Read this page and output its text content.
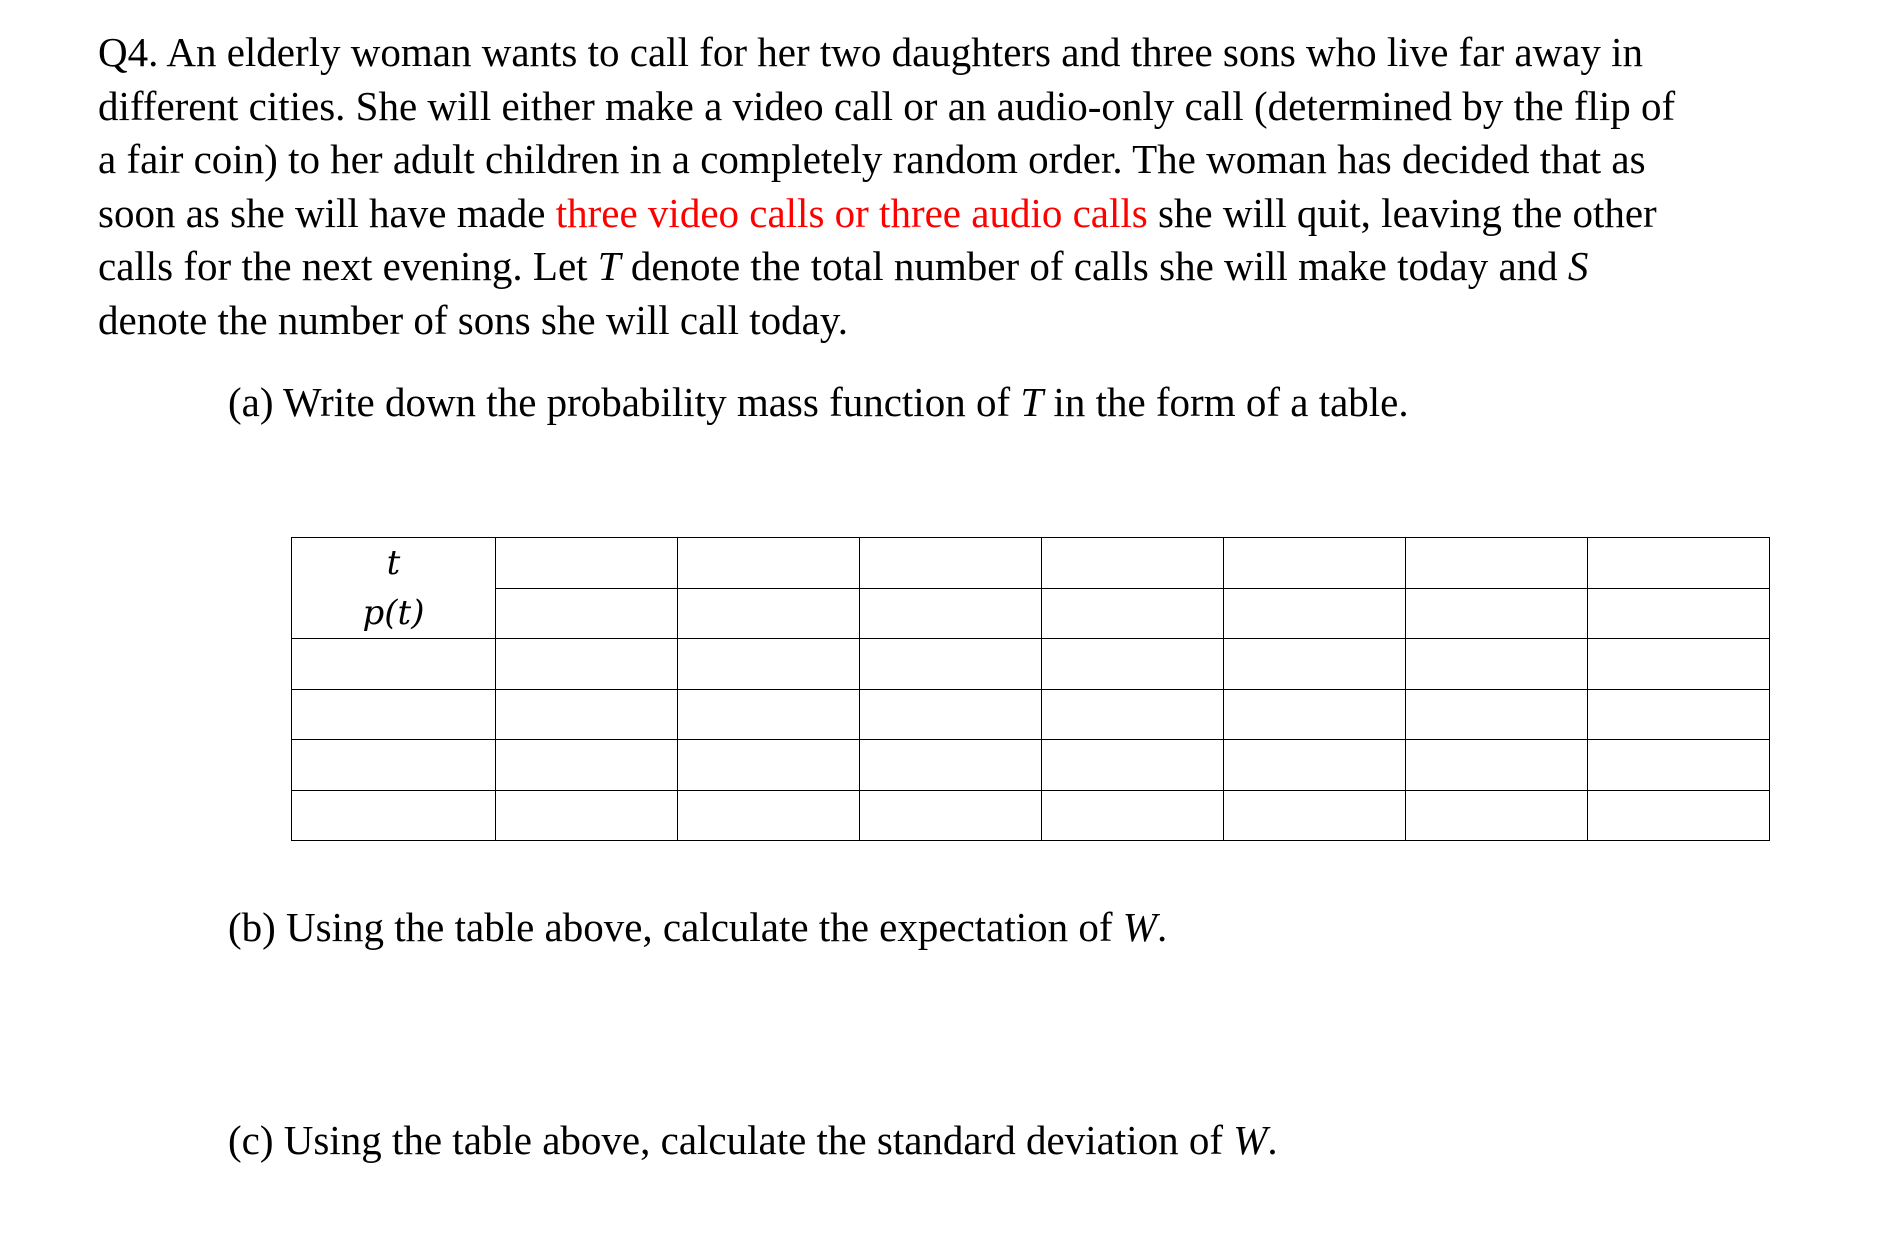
Q4. An elderly woman wants to call for her two daughters and three sons who live far away in
different cities. She will either make a video call or an audio-only call (determined by the flip of
a fair coin) to her adult children in a completely random order. The woman has decided that as
soon as she will have made three video calls or three audio calls she will quit, leaving the other
calls for the next evening. Let T denote the total number of calls she will make today and S
denote the number of sons she will call today.

(a) Write down the probability mass function of T in the form of a table.

t							
p(t)							

(b) Using the table above, calculate the expectation of W.

(c) Using the table above, calculate the standard deviation of W.
